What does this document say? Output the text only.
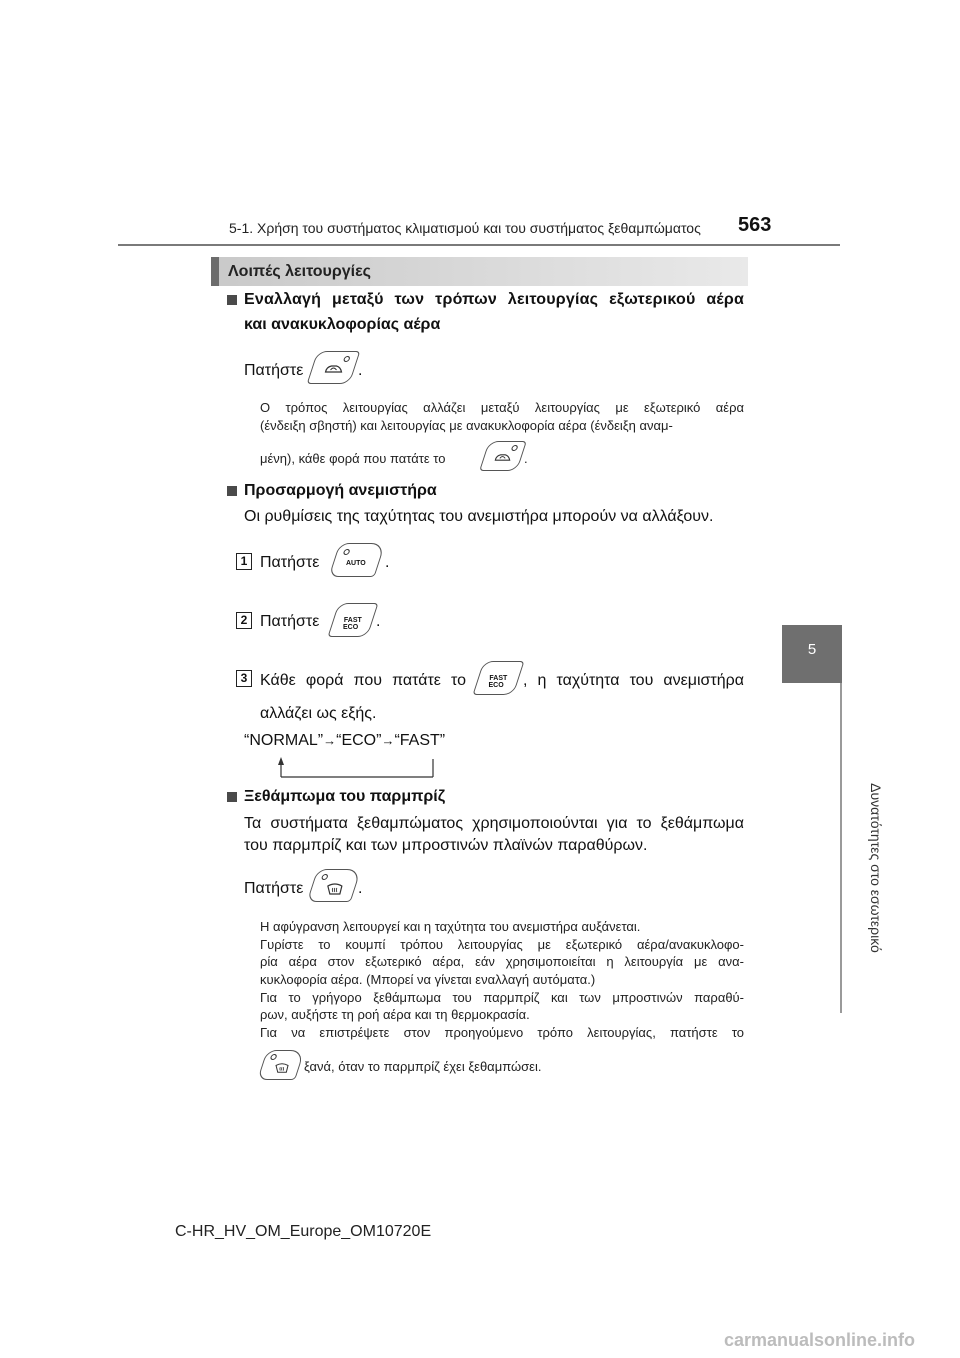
5-1. Χρήση του συστήματος κλιματισμού και του συστήματος ξεθαμπώματος 563
5
Δυνατότητες στο εσωτερικό
Λοιπές λειτουργίες
Εναλλαγή μεταξύ των τρόπων λειτουργίας εξωτερικού αέρα
και ανακυκλοφορίας αέρα
Πατήστε	.
Ο τρόπος λειτουργίας αλλάζει μεταξύ λειτουργίας με εξωτερικό αέρα
(ένδειξη σβηστή) και λειτουργίας με ανακυκλοφορία αέρα (ένδειξη αναμ-
μένη), κάθε φορά που πατάτε το	.
Προσαρμογή ανεμιστήρα
Οι ρυθμίσεις της ταχύτητας του ανεμιστήρα μπορούν να αλλάξουν.
1 Πατήστε	AUTO	.
2 Πατήστε	FAST
ECO	.
3 Κάθε φορά που πατάτε το	FAST
ECO	, η ταχύτητα του ανεμιστήρα
αλλάζει ως εξής.
“NORMAL”→“ECO”→“FAST”
Ξεθάμπωμα του παρμπρίζ
Τα συστήματα ξεθαμπώματος χρησιμοποιούνται για το ξεθάμπωμα
του παρμπρίζ και των μπροστινών πλαϊνών παραθύρων.
Πατήστε	.
Η αφύγρανση λειτουργεί και η ταχύτητα του ανεμιστήρα αυξάνεται.
Γυρίστε το κουμπί τρόπου λειτουργίας με εξωτερικό αέρα/ανακυκλοφο-
ρία αέρα στον εξωτερικό αέρα, εάν χρησιμοποιείται η λειτουργία με ανα-
κυκλοφορία αέρα. (Μπορεί να γίνεται εναλλαγή αυτόματα.)
Για το γρήγορο ξεθάμπωμα του παρμπρίζ και των μπροστινών παραθύ-
ρων, αυξήστε τη ροή αέρα και τη θερμοκρασία.
Για να επιστρέψετε στον προηγούμενο τρόπο λειτουργίας, πατήστε το
ξανά, όταν το παρμπρίζ έχει ξεθαμπώσει.
C-HR_HV_OM_Europe_OM10720E
carmanualsonline.info
